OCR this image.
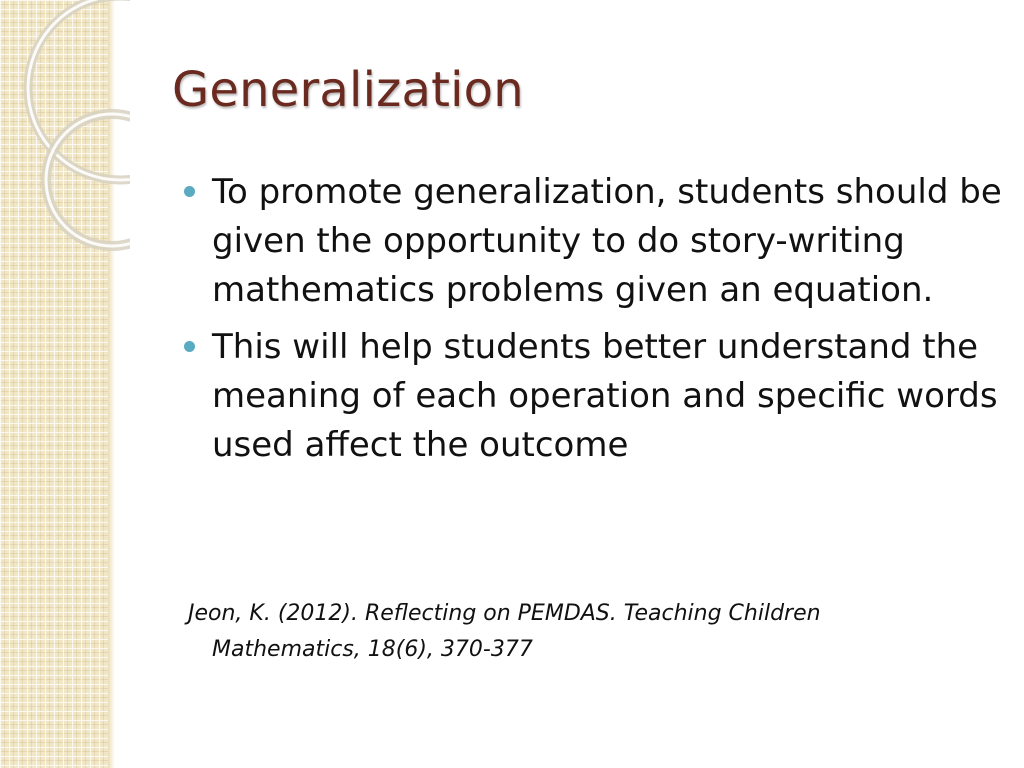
Generalization
To promote generalization, students should be given the opportunity to do story-writing mathematics problems given an equation.
This will help students better understand the meaning of each operation and specific words used affect the outcome

Jeon, K. (2012). Reflecting on PEMDAS. Teaching Children Mathematics, 18(6), 370-377
